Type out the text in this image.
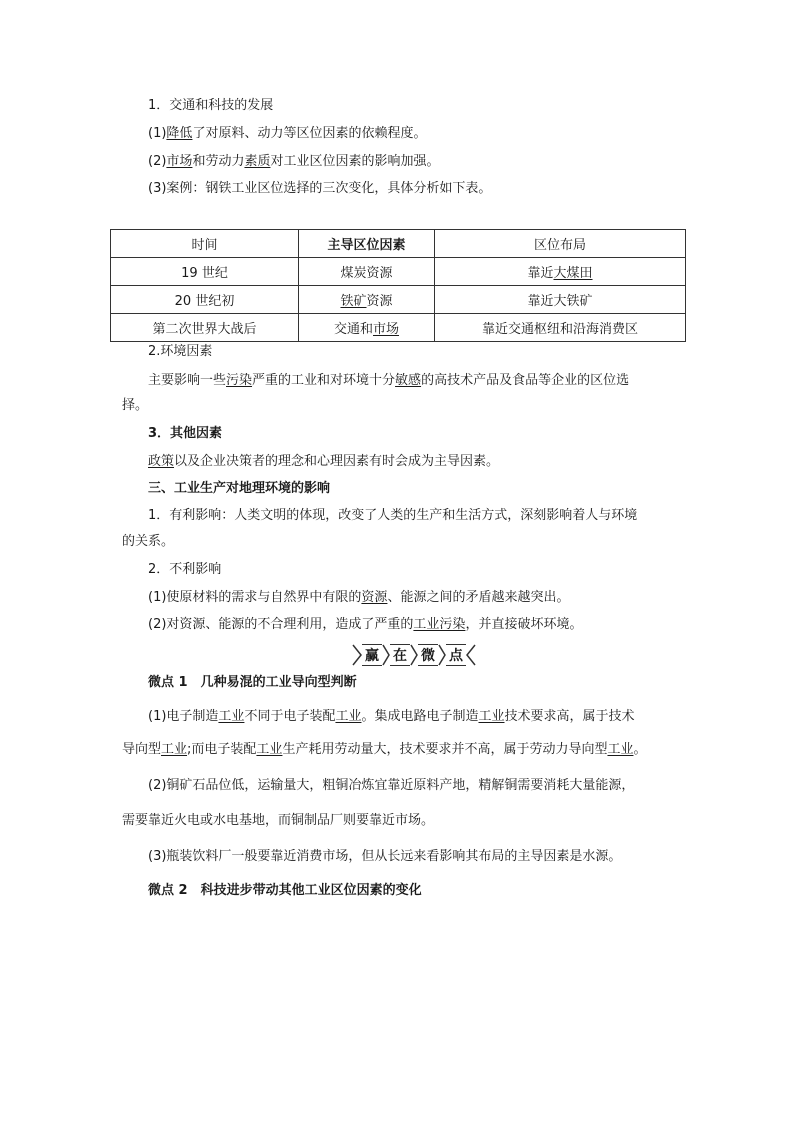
1．交通和科技的发展
(1)降低了对原料、动力等区位因素的依赖程度。
(2)市场和劳动力素质对工业区位因素的影响加强。
(3)案例：钢铁工业区位选择的三次变化，具体分析如下表。
时间	主导区位因素	区位布局
19 世纪	煤炭资源	靠近大煤田
20 世纪初	铁矿资源	靠近大铁矿
第二次世界大战后	交通和市场	靠近交通枢纽和沿海消费区
2.环境因素
主要影响一些污染严重的工业和对环境十分敏感的高技术产品及食品等企业的区位选
择。
3．其他因素
政策以及企业决策者的理念和心理因素有时会成为主导因素。
三、工业生产对地理环境的影响
1．有利影响：人类文明的体现，改变了人类的生产和生活方式，深刻影响着人与环境
的关系。
2．不利影响
(1)使原材料的需求与自然界中有限的资源、能源之间的矛盾越来越突出。
(2)对资源、能源的不合理利用，造成了严重的工业污染，并直接破坏环境。
赢 在 微 点
微点 1　几种易混的工业导向型判断
(1)电子制造工业不同于电子装配工业。集成电路电子制造工业技术要求高，属于技术
导向型工业;而电子装配工业生产耗用劳动量大，技术要求并不高，属于劳动力导向型工业。
(2)铜矿石品位低，运输量大，粗铜冶炼宜靠近原料产地，精解铜需要消耗大量能源，
需要靠近火电或水电基地，而铜制品厂则要靠近市场。
(3)瓶装饮料厂一般要靠近消费市场，但从长远来看影响其布局的主导因素是水源。
微点 2　科技进步带动其他工业区位因素的变化
